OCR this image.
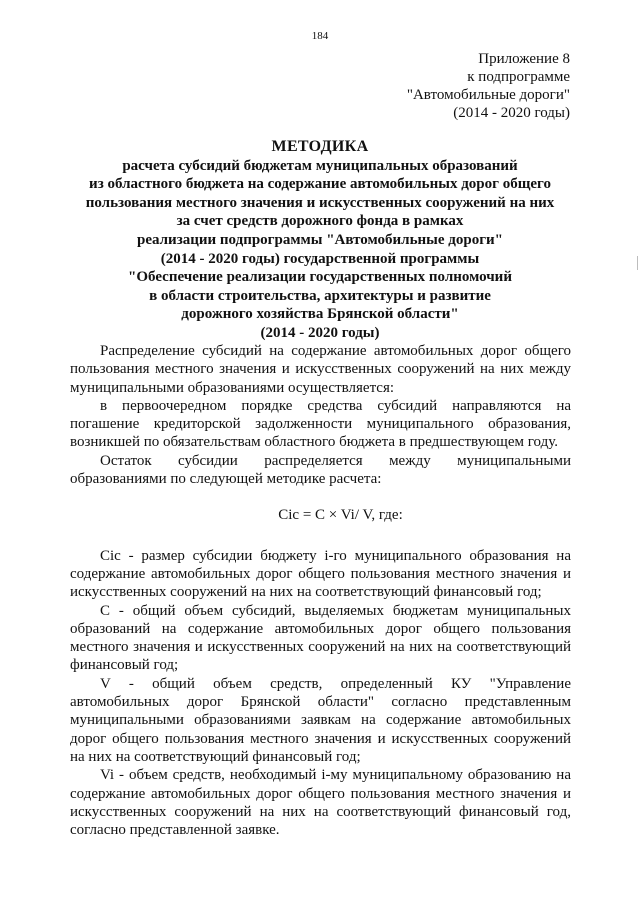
184
Приложение 8
к подпрограмме
"Автомобильные дороги"
(2014 - 2020 годы)
МЕТОДИКА
расчета субсидий бюджетам муниципальных образований
из областного бюджета на содержание автомобильных дорог общего
пользования местного значения и искусственных сооружений на них
за счет средств дорожного фонда в рамках
реализации подпрограммы "Автомобильные дороги"
(2014 - 2020 годы) государственной программы
"Обеспечение реализации государственных полномочий
в области строительства, архитектуры и развитие
дорожного хозяйства Брянской области"
(2014 - 2020 годы)

Распределение субсидий на содержание автомобильных дорог общего пользования местного значения и искусственных сооружений на них между муниципальными образованиями осуществляется:

в первоочередном порядке средства субсидий направляются на погашение кредиторской задолженности муниципального образования, возникшей по обязательствам областного бюджета в предшествующем году.

Остаток субсидии распределяется между муниципальными образованиями по следующей методике расчета:

Ciс = C × Vi/ V, где:

Ciс - размер субсидии бюджету i-го муниципального образования на содержание автомобильных дорог общего пользования местного значения и искусственных сооружений на них на соответствующий финансовый год;

С - общий объем субсидий, выделяемых бюджетам муниципальных образований на содержание автомобильных дорог общего пользования местного значения и искусственных сооружений на них на соответствующий финансовый год;

V - общий объем средств, определенный КУ "Управление автомобильных дорог Брянской области" согласно представленным муниципальными образованиями заявкам на содержание автомобильных дорог общего пользования местного значения и искусственных сооружений на них на соответствующий финансовый год;

Vi - объем средств, необходимый i-му муниципальному образованию на содержание автомобильных дорог общего пользования местного значения и искусственных сооружений на них на соответствующий финансовый год, согласно представленной заявке.
